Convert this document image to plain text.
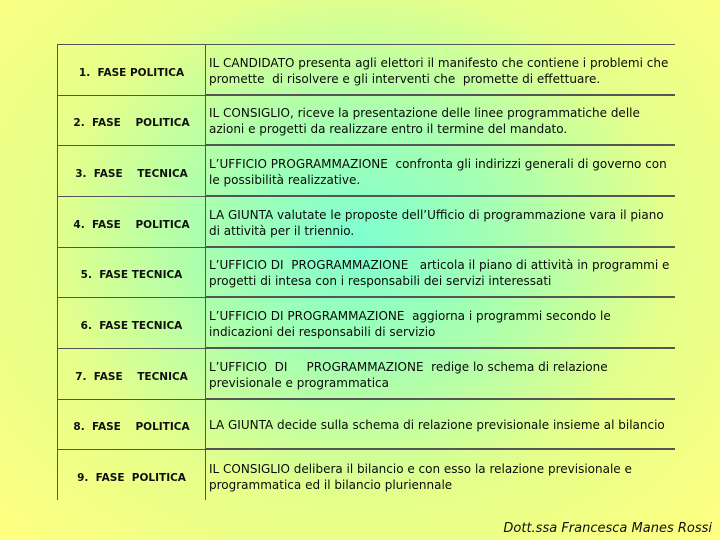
1.  FASE POLITICA
IL CANDIDATO presenta agli elettori il manifesto che contiene i problemi che promette  di risolvere e gli interventi che  promette di effettuare.
2.  FASE    POLITICA
IL CONSIGLIO, riceve la presentazione delle linee programmatiche delle azioni e progetti da realizzare entro il termine del mandato.
3.  FASE    TECNICA
L’UFFICIO PROGRAMMAZIONE  confronta gli indirizzi generali di governo con le possibilità realizzative.
4.  FASE    POLITICA
LA GIUNTA valutate le proposte dell’Ufficio di programmazione vara il piano di attività per il triennio.
5.  FASE TECNICA
L’UFFICIO DI  PROGRAMMAZIONE   articola il piano di attività in programmi e progetti di intesa con i responsabili dei servizi interessati
6.  FASE TECNICA
L’UFFICIO DI PROGRAMMAZIONE  aggiorna i programmi secondo le indicazioni dei responsabili di servizio
7.  FASE    TECNICA
L’UFFICIO  DI     PROGRAMMAZIONE  redige lo schema di relazione previsionale e programmatica
8.  FASE    POLITICA	LA GIUNTA decide sulla schema di relazione previsionale insieme al bilancio
9.  FASE  POLITICA
IL CONSIGLIO delibera il bilancio e con esso la relazione previsionale e programmatica ed il bilancio pluriennale
Dott.ssa Francesca Manes Rossi
